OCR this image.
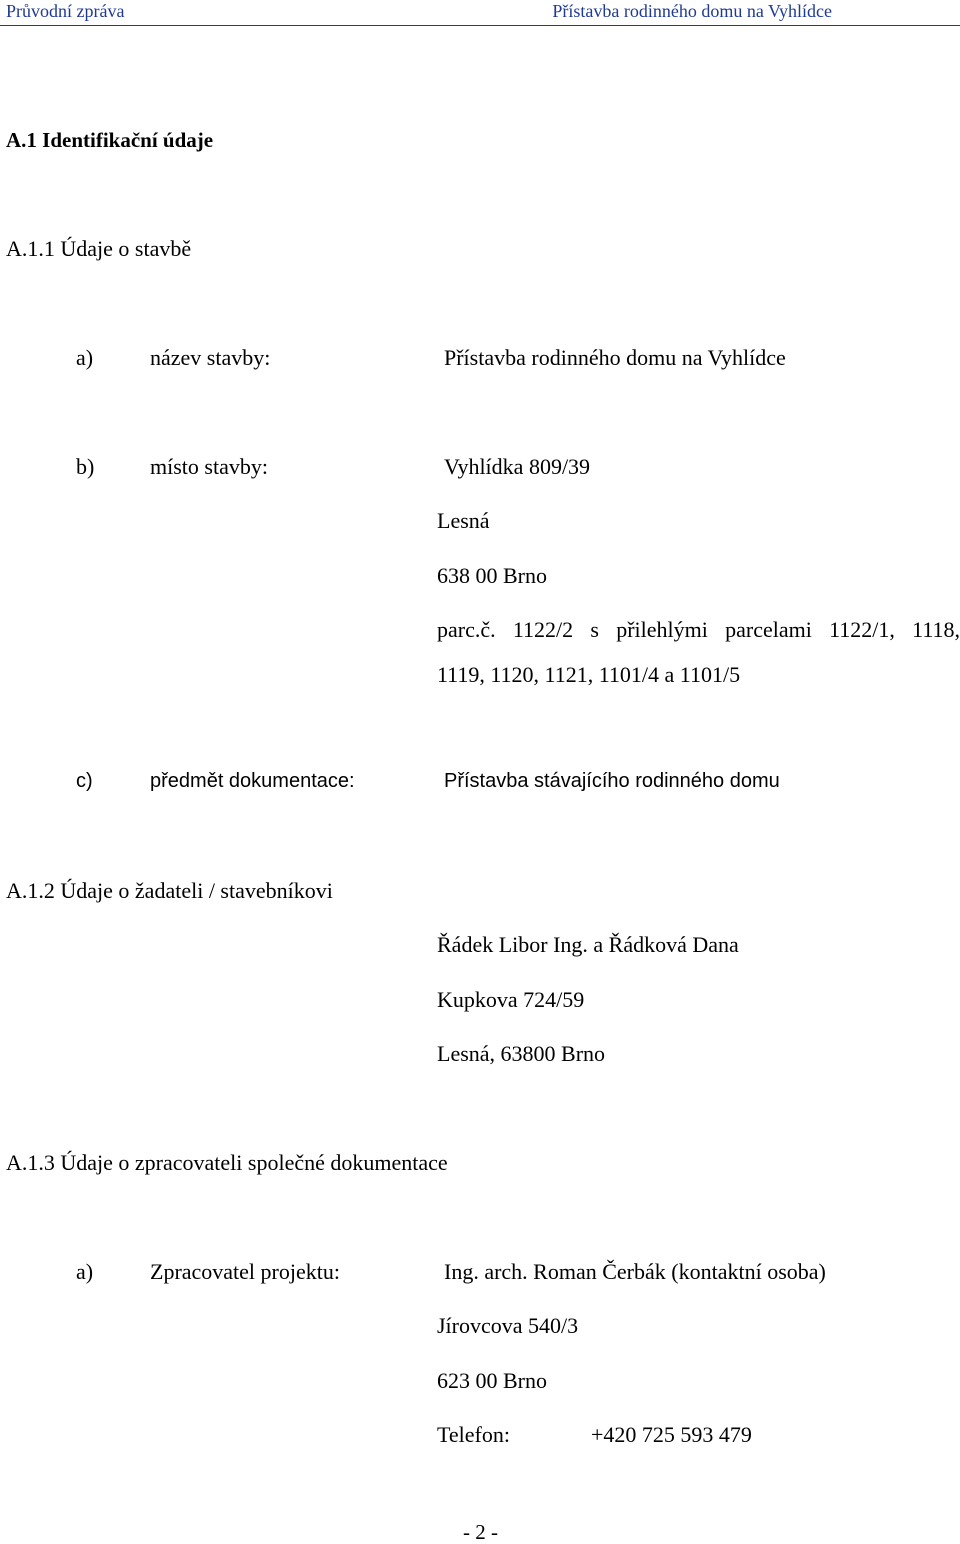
Průvodní zpráva	Přístavba rodinného domu na Vyhlídce
A.1 Identifikační údaje
A.1.1 Údaje o stavbě
a)	název stavby:	Přístavba rodinného domu na Vyhlídce
b)	místo stavby:	Vyhlídka 809/39
Lesná
638 00 Brno
parc.č. 1122/2 s přilehlými parcelami 1122/1, 1118,
1119, 1120, 1121, 1101/4 a 1101/5
c)	předmět dokumentace:	Přístavba stávajícího rodinného domu
A.1.2 Údaje o žadateli / stavebníkovi
Řádek Libor Ing. a Řádková Dana
Kupkova 724/59
Lesná, 63800 Brno
A.1.3 Údaje o zpracovateli společné dokumentace
a)	Zpracovatel projektu:	Ing. arch. Roman Čerbák (kontaktní osoba)
Jírovcova 540/3
623 00 Brno
Telefon:	+420 725 593 479
- 2 -
